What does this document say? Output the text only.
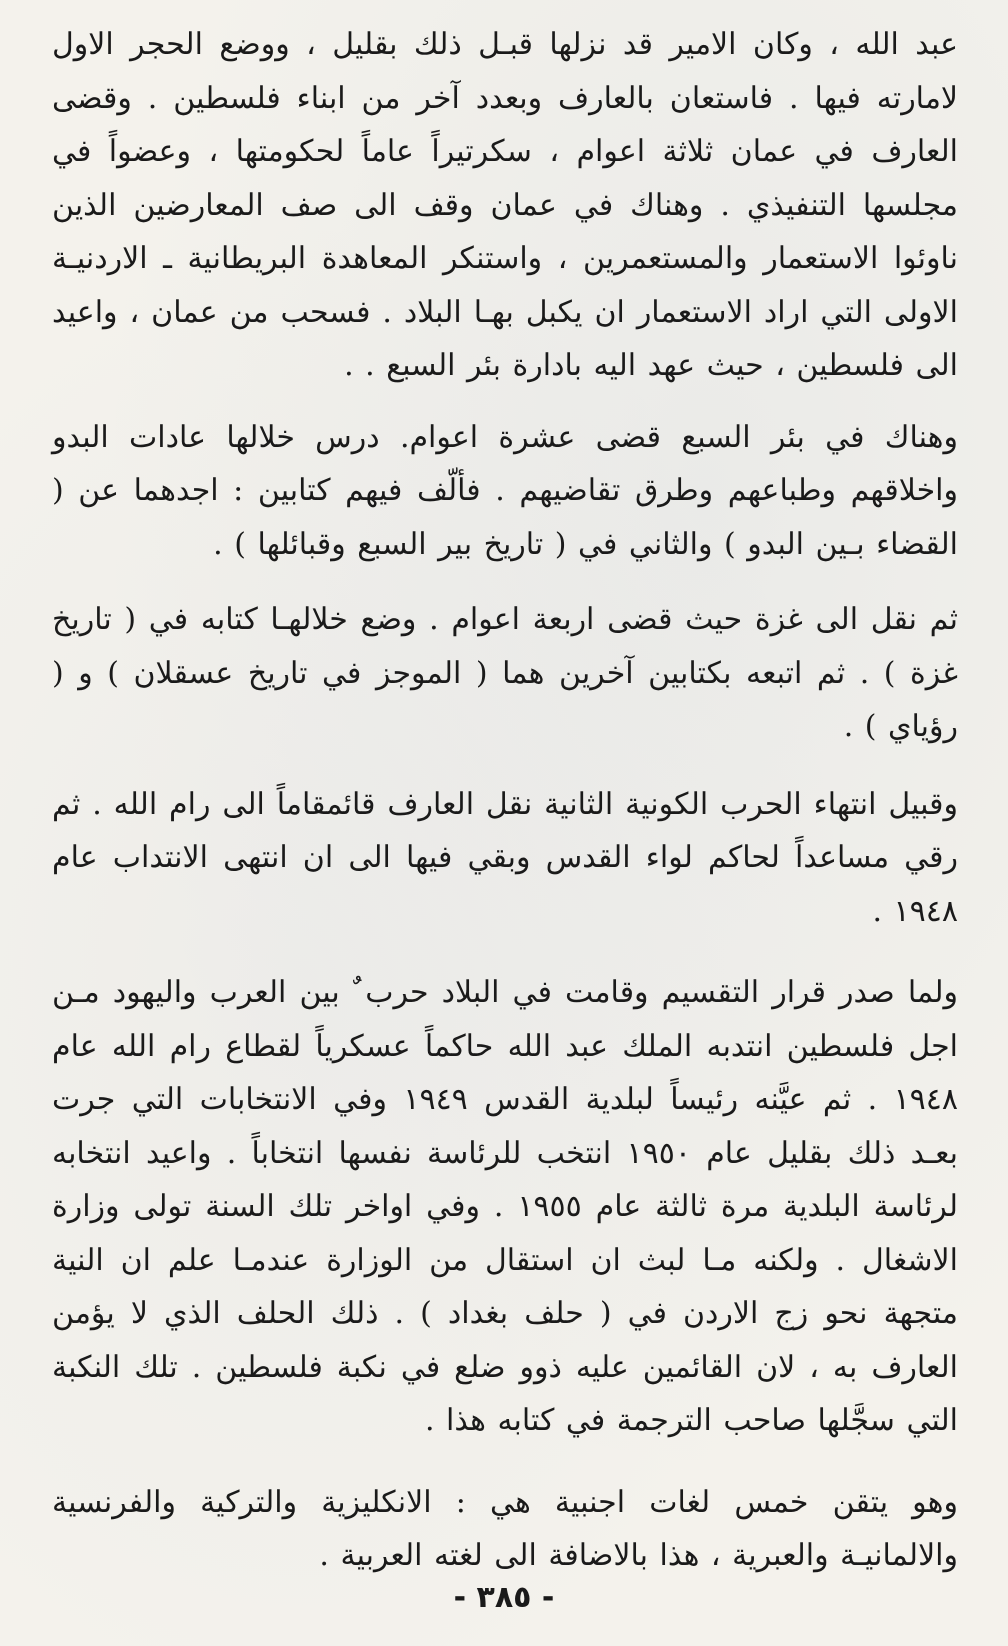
عبد الله ، وكان الامير قد نزلها قبـل ذلك بقليل ، ووضع الحجر الاول لامارته فيها . فاستعان بالعارف وبعدد آخر من ابناء فلسطين . وقضى العارف في عمان ثلاثة اعوام ، سكرتيراً عاماً لحكومتها ، وعضواً في مجلسها التنفيذي . وهناك في عمان وقف الى صف المعارضين الذين ناوئوا الاستعمار والمستعمرين ، واستنكر المعاهدة البريطانية ـ الاردنيـة الاولى التي اراد الاستعمار ان يكبل بهـا البلاد . فسحب من عمان ، واعيد الى فلسطين ، حيث عهد اليه بادارة بئر السبع . .

وهناك في بئر السبع قضى عشرة اعوام. درس خلالها عادات البدو واخلاقهم وطباعهم وطرق تقاضيهم . فألّف فيهم كتابين : اجدهما عن ( القضاء بـين البدو ) والثاني في ( تاريخ بير السبع وقبائلها ) .

ثم نقل الى غزة حيث قضى اربعة اعوام . وضع خلالهـا كتابه في ( تاريخ غزة ) . ثم اتبعه بكتابين آخرين هما ( الموجز في تاريخ عسقلان ) و ( رؤياي ) .

وقبيل انتهاء الحرب الكونية الثانية نقل العارف قائمقاماً الى رام الله . ثم رقي مساعداً لحاكم لواء القدس وبقي فيها الى ان انتهى الانتداب عام ١٩٤٨ .

ولما صدر قرار التقسيم وقامت في البلاد حرب ٌ بين العرب واليهود مـن اجل فلسطين انتدبه الملك عبد الله حاكماً عسكرياً لقطاع رام الله عام ١٩٤٨ . ثم عيَّنه رئيساً لبلدية القدس ١٩٤٩ وفي الانتخابات التي جرت بعـد ذلك بقليل عام ١٩٥٠ انتخب للرئاسة نفسها انتخاباً . واعيد انتخابه لرئاسة البلدية مرة ثالثة عام ١٩٥٥ . وفي اواخر تلك السنة تولى وزارة الاشغال . ولكنه مـا لبث ان استقال من الوزارة عندمـا علم ان النية متجهة نحو زج الاردن في ( حلف بغداد ) . ذلك الحلف الذي لا يؤمن العارف به ، لان القائمين عليه ذوو ضلع في نكبة فلسطين . تلك النكبة التي سجَّلها صاحب الترجمة في كتابه هذا .

وهو يتقن خمس لغات اجنبية هي : الانكليزية والتركية والفرنسية والالمانيـة والعبرية ، هذا بالاضافة الى لغته العربية .

- ٣٨٥ -
